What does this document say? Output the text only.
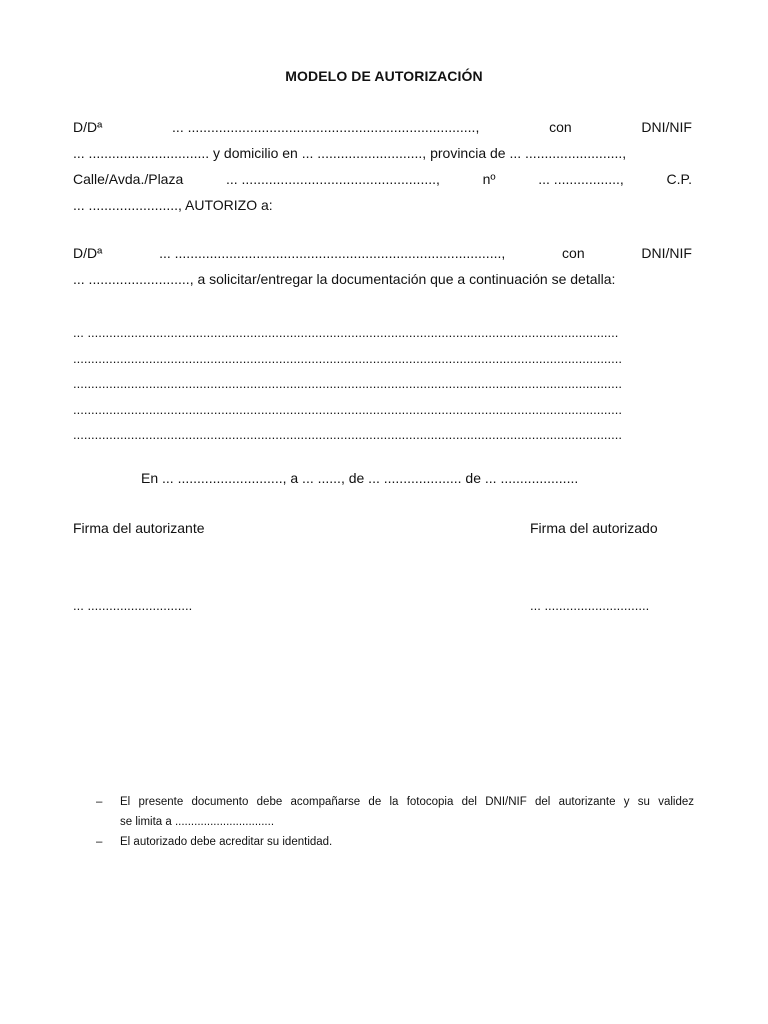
MODELO DE AUTORIZACIÓN
D/Dª	... ..........................................................................,	con	DNI/NIF
... ............................... y domicilio en ... ..........................., provincia de ... .........................,
Calle/Avda./Plaza	... ..................................................,	nº	... .................,	C.P.
... ......................., AUTORIZO a:
D/Dª	... ....................................................................................,	con	DNI/NIF
... .........................., a solicitar/entregar la documentación que a continuación se detalla:
... ...................................................................................................................................................
........................................................................................................................................................
........................................................................................................................................................
........................................................................................................................................................
........................................................................................................................................................
En ... ..........................., a ... ......, de ... .................... de ... ....................
Firma del autorizante	Firma del autorizado
... .............................	... .............................
–	El presente documento debe acompañarse de la fotocopia del DNI/NIF del autorizante y su validez
se limita a ...............................
–	El autorizado debe acreditar su identidad.
